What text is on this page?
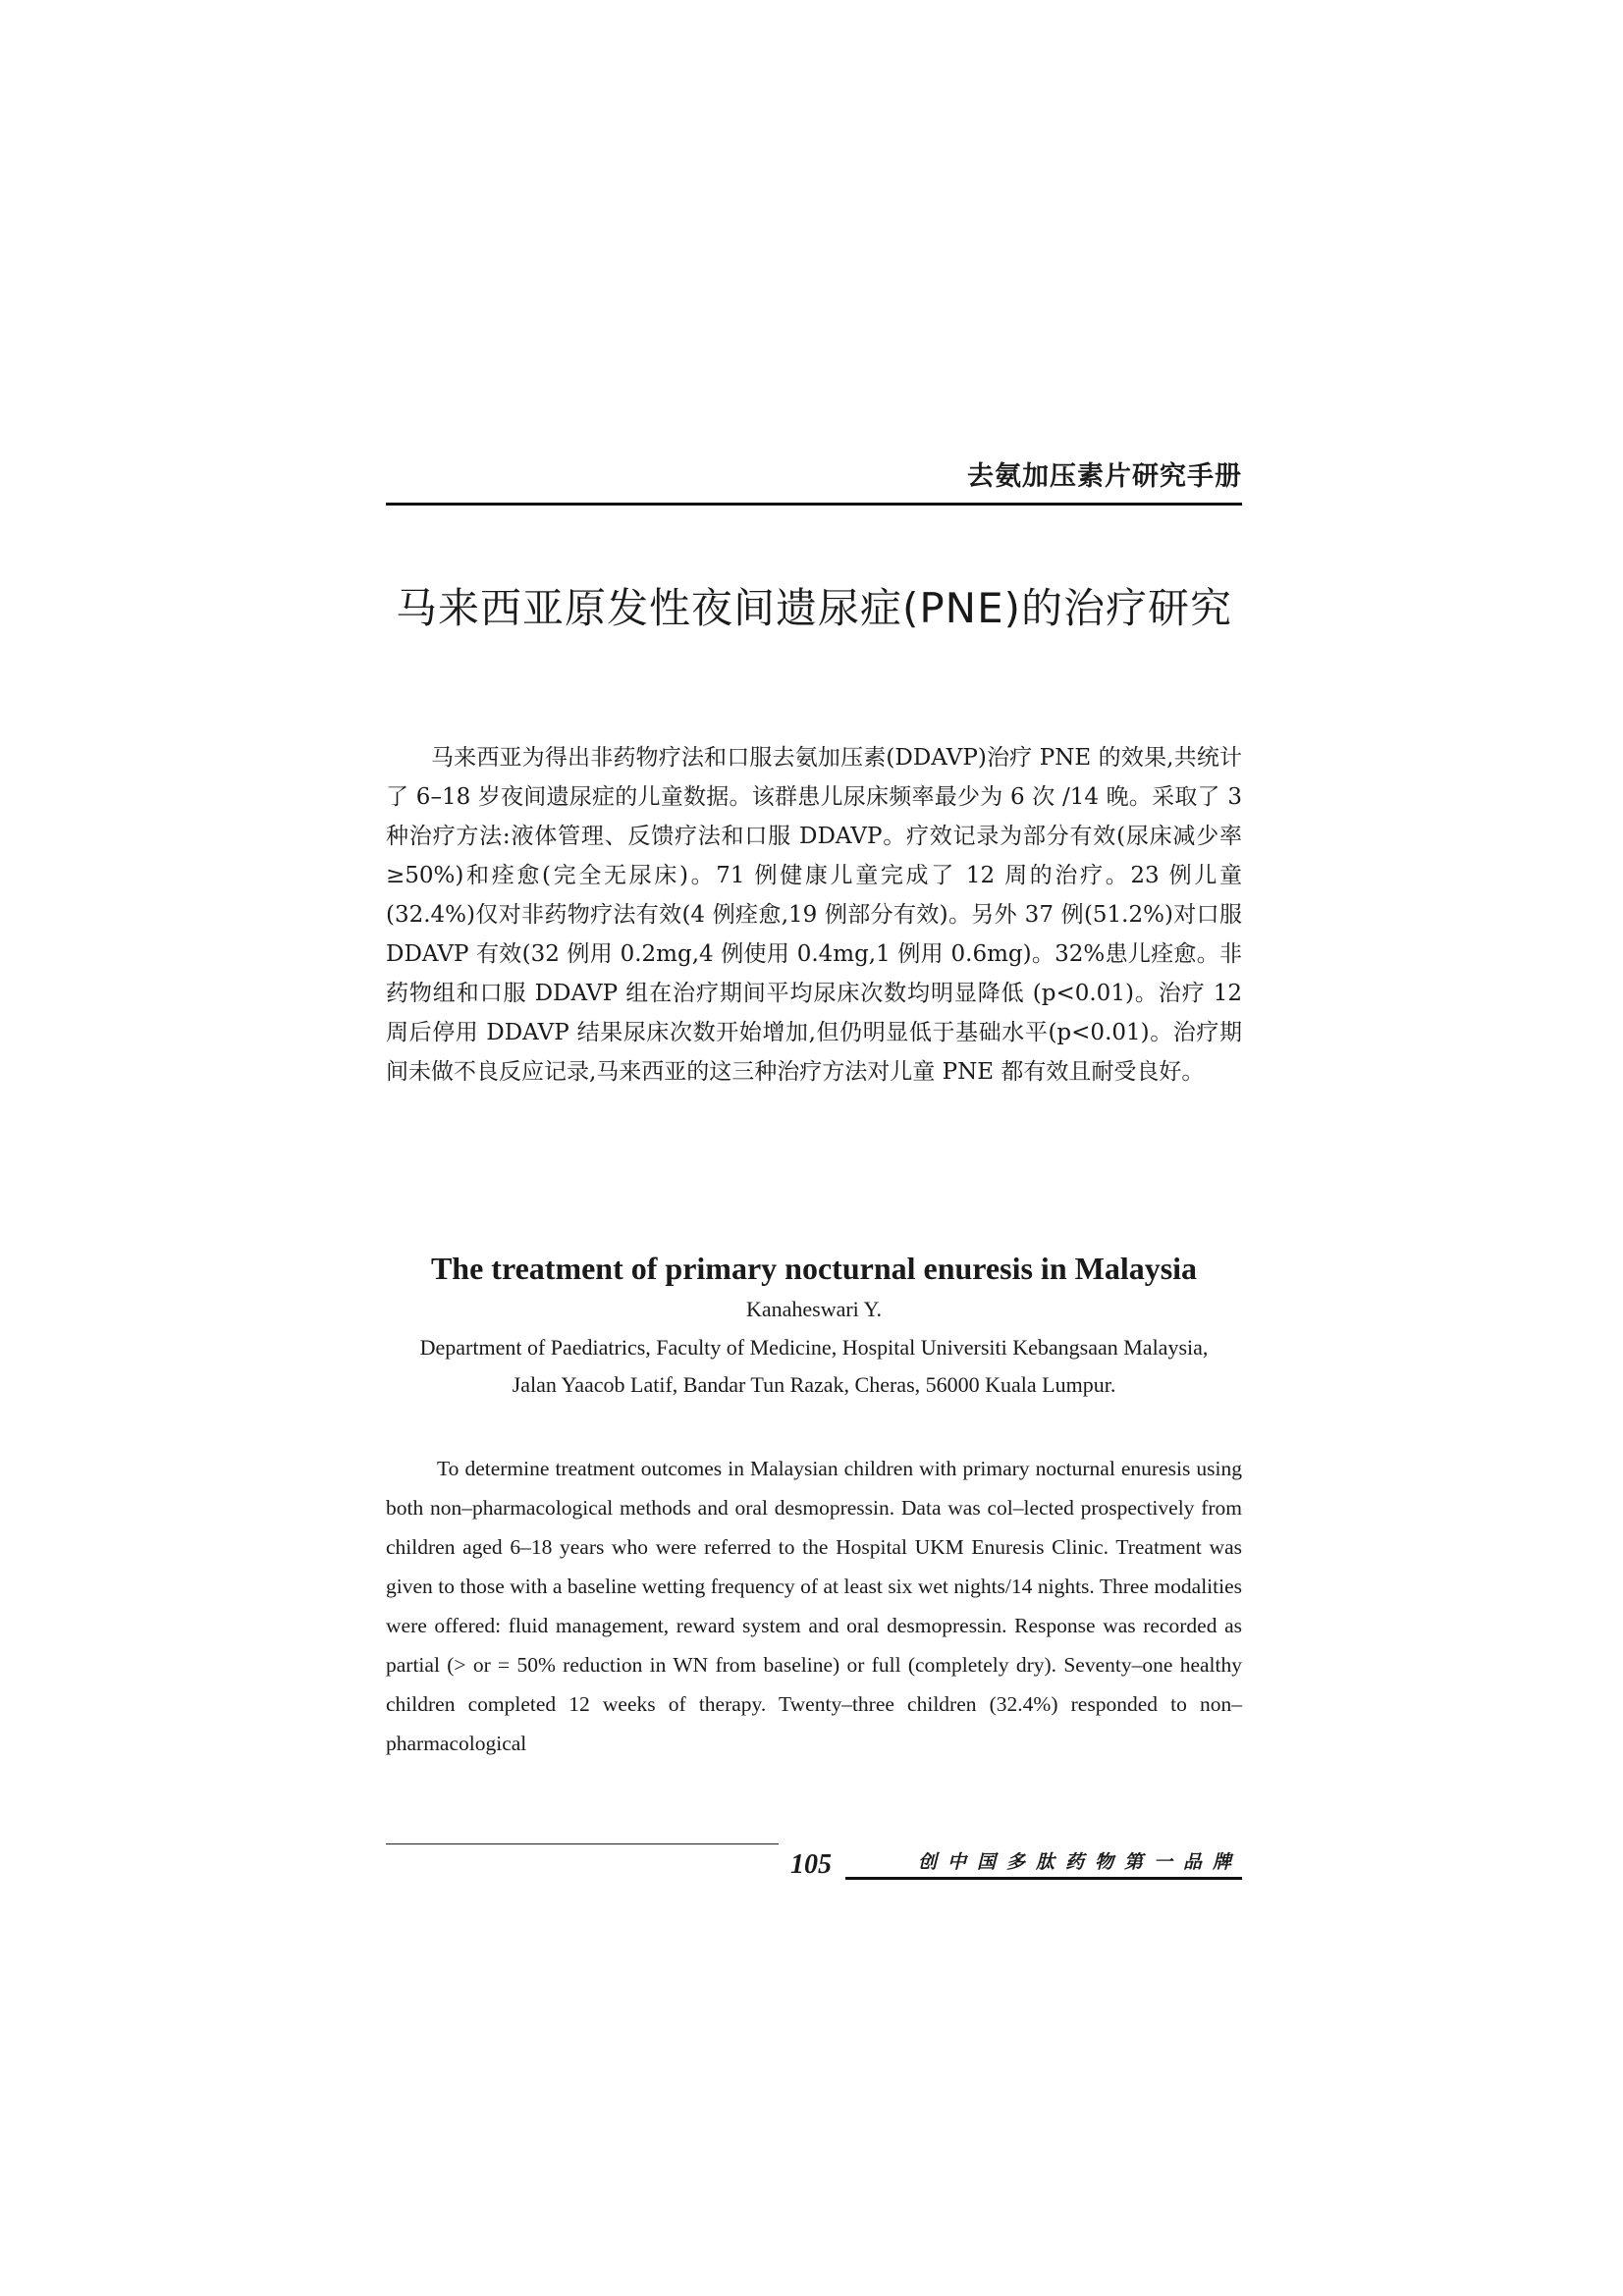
去氨加压素片研究手册
马来西亚原发性夜间遗尿症(PNE)的治疗研究

马来西亚为得出非药物疗法和口服去氨加压素(DDAVP)治疗 PNE 的效果,共统计了 6–18 岁夜间遗尿症的儿童数据。该群患儿尿床频率最少为 6 次 /14 晚。采取了 3 种治疗方法:液体管理、反馈疗法和口服 DDAVP。疗效记录为部分有效(尿床减少率≥50%)和痊愈(完全无尿床)。71 例健康儿童完成了 12 周的治疗。23 例儿童(32.4%)仅对非药物疗法有效(4 例痊愈,19 例部分有效)。另外 37 例(51.2%)对口服 DDAVP 有效(32 例用 0.2mg,4 例使用 0.4mg,1 例用 0.6mg)。32%患儿痊愈。非药物组和口服 DDAVP 组在治疗期间平均尿床次数均明显降低 (p<0.01)。治疗 12 周后停用 DDAVP 结果尿床次数开始增加,但仍明显低于基础水平(p<0.01)。治疗期间未做不良反应记录,马来西亚的这三种治疗方法对儿童 PNE 都有效且耐受良好。

The treatment of primary nocturnal enuresis in Malaysia
Kanaheswari Y.
Department of Paediatrics, Faculty of Medicine, Hospital Universiti Kebangsaan Malaysia,
Jalan Yaacob Latif, Bandar Tun Razak, Cheras, 56000 Kuala Lumpur.

To determine treatment outcomes in Malaysian children with primary nocturnal enuresis using both non–pharmacological methods and oral desmopressin. Data was col–lected prospectively from children aged 6–18 years who were referred to the Hospital UKM Enuresis Clinic. Treatment was given to those with a baseline wetting frequency of at least six wet nights/14 nights. Three modalities were offered: fluid management, reward system and oral desmopressin. Response was recorded as partial (> or = 50% reduction in WN from baseline) or full (completely dry). Seventy–one healthy children completed 12 weeks of therapy. Twenty–three children (32.4%) responded to non–pharmacological

105	创中国多肽药物第一品牌
